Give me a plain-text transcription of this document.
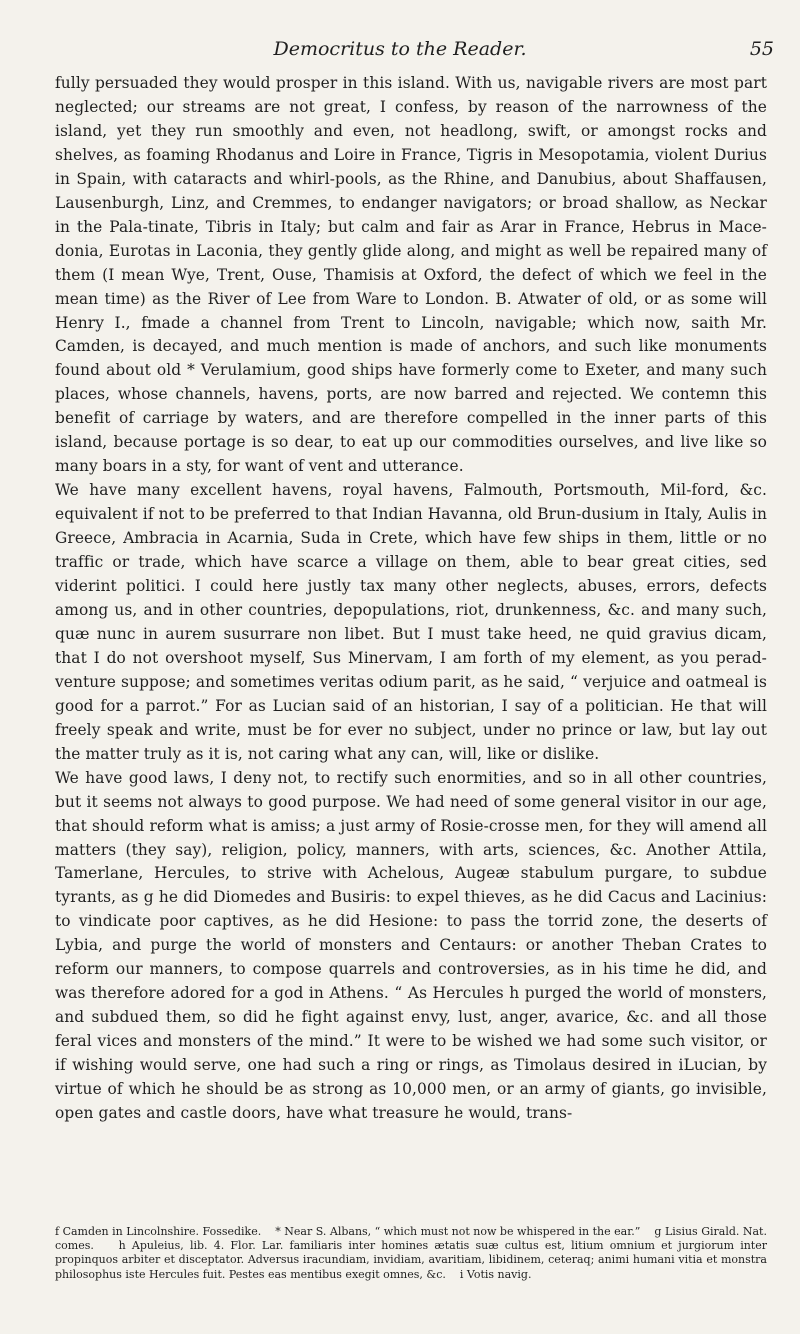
Democritus to the Reader.	55

fully persuaded they would prosper in this island. With us, navigable rivers are most part neglected; our streams are not great, I confess, by reason of the narrowness of the island, yet they run smoothly and even, not headlong, swift, or amongst rocks and shelves, as foaming Rhodanus and Loire in France, Tigris in Mesopotamia, violent Durius in Spain, with cataracts and whirl-pools, as the Rhine, and Danubius, about Shaffausen, Lausenburgh, Linz, and Cremmes, to endanger navigators; or broad shallow, as Neckar in the Pala-tinate, Tibris in Italy; but calm and fair as Arar in France, Hebrus in Mace-donia, Eurotas in Laconia, they gently glide along, and might as well be repaired many of them (I mean Wye, Trent, Ouse, Thamisis at Oxford, the defect of which we feel in the mean time) as the River of Lee from Ware to London. B. Atwater of old, or as some will Henry I., fmade a channel from Trent to Lincoln, navigable; which now, saith Mr. Camden, is decayed, and much mention is made of anchors, and such like monuments found about old * Verulamium, good ships have formerly come to Exeter, and many such places, whose channels, havens, ports, are now barred and rejected. We contemn this benefit of carriage by waters, and are therefore compelled in the inner parts of this island, because portage is so dear, to eat up our commodities ourselves, and live like so many boars in a sty, for want of vent and utterance.

We have many excellent havens, royal havens, Falmouth, Portsmouth, Mil-ford, &c. equivalent if not to be preferred to that Indian Havanna, old Brun-dusium in Italy, Aulis in Greece, Ambracia in Acarnia, Suda in Crete, which have few ships in them, little or no traffic or trade, which have scarce a village on them, able to bear great cities, sed viderint politici. I could here justly tax many other neglects, abuses, errors, defects among us, and in other countries, depopulations, riot, drunkenness, &c. and many such, quæ nunc in aurem susurrare non libet. But I must take heed, ne quid gravius dicam, that I do not overshoot myself, Sus Minervam, I am forth of my element, as you perad-venture suppose; and sometimes veritas odium parit, as he said, “ verjuice and oatmeal is good for a parrot.” For as Lucian said of an historian, I say of a politician. He that will freely speak and write, must be for ever no subject, under no prince or law, but lay out the matter truly as it is, not caring what any can, will, like or dislike.

We have good laws, I deny not, to rectify such enormities, and so in all other countries, but it seems not always to good purpose. We had need of some general visitor in our age, that should reform what is amiss; a just army of Rosie-crosse men, for they will amend all matters (they say), religion, policy, manners, with arts, sciences, &c. Another Attila, Tamerlane, Hercules, to strive with Achelous, Augeæ stabulum purgare, to subdue tyrants, as g he did Diomedes and Busiris: to expel thieves, as he did Cacus and Lacinius: to vindicate poor captives, as he did Hesione: to pass the torrid zone, the deserts of Lybia, and purge the world of monsters and Centaurs: or another Theban Crates to reform our manners, to compose quarrels and controversies, as in his time he did, and was therefore adored for a god in Athens. “ As Hercules h purged the world of monsters, and subdued them, so did he fight against envy, lust, anger, avarice, &c. and all those feral vices and monsters of the mind.” It were to be wished we had some such visitor, or if wishing would serve, one had such a ring or rings, as Timolaus desired in iLucian, by virtue of which he should be as strong as 10,000 men, or an army of giants, go invisible, open gates and castle doors, have what treasure he would, trans-

f Camden in Lincolnshire. Fossedike. * Near S. Albans, “ which must not now be whispered in the ear.” g Lisius Girald. Nat. comes. h Apuleius, lib. 4. Flor. Lar. familiaris inter homines ætatis suæ cultus est, litium omnium et jurgiorum inter propinquos arbiter et disceptator. Adversus iracundiam, invidiam, avaritiam, libidinem, ceteraq; animi humani vitia et monstra philosophus iste Hercules fuit. Pestes eas mentibus exegit omnes, &c. i Votis navig.
